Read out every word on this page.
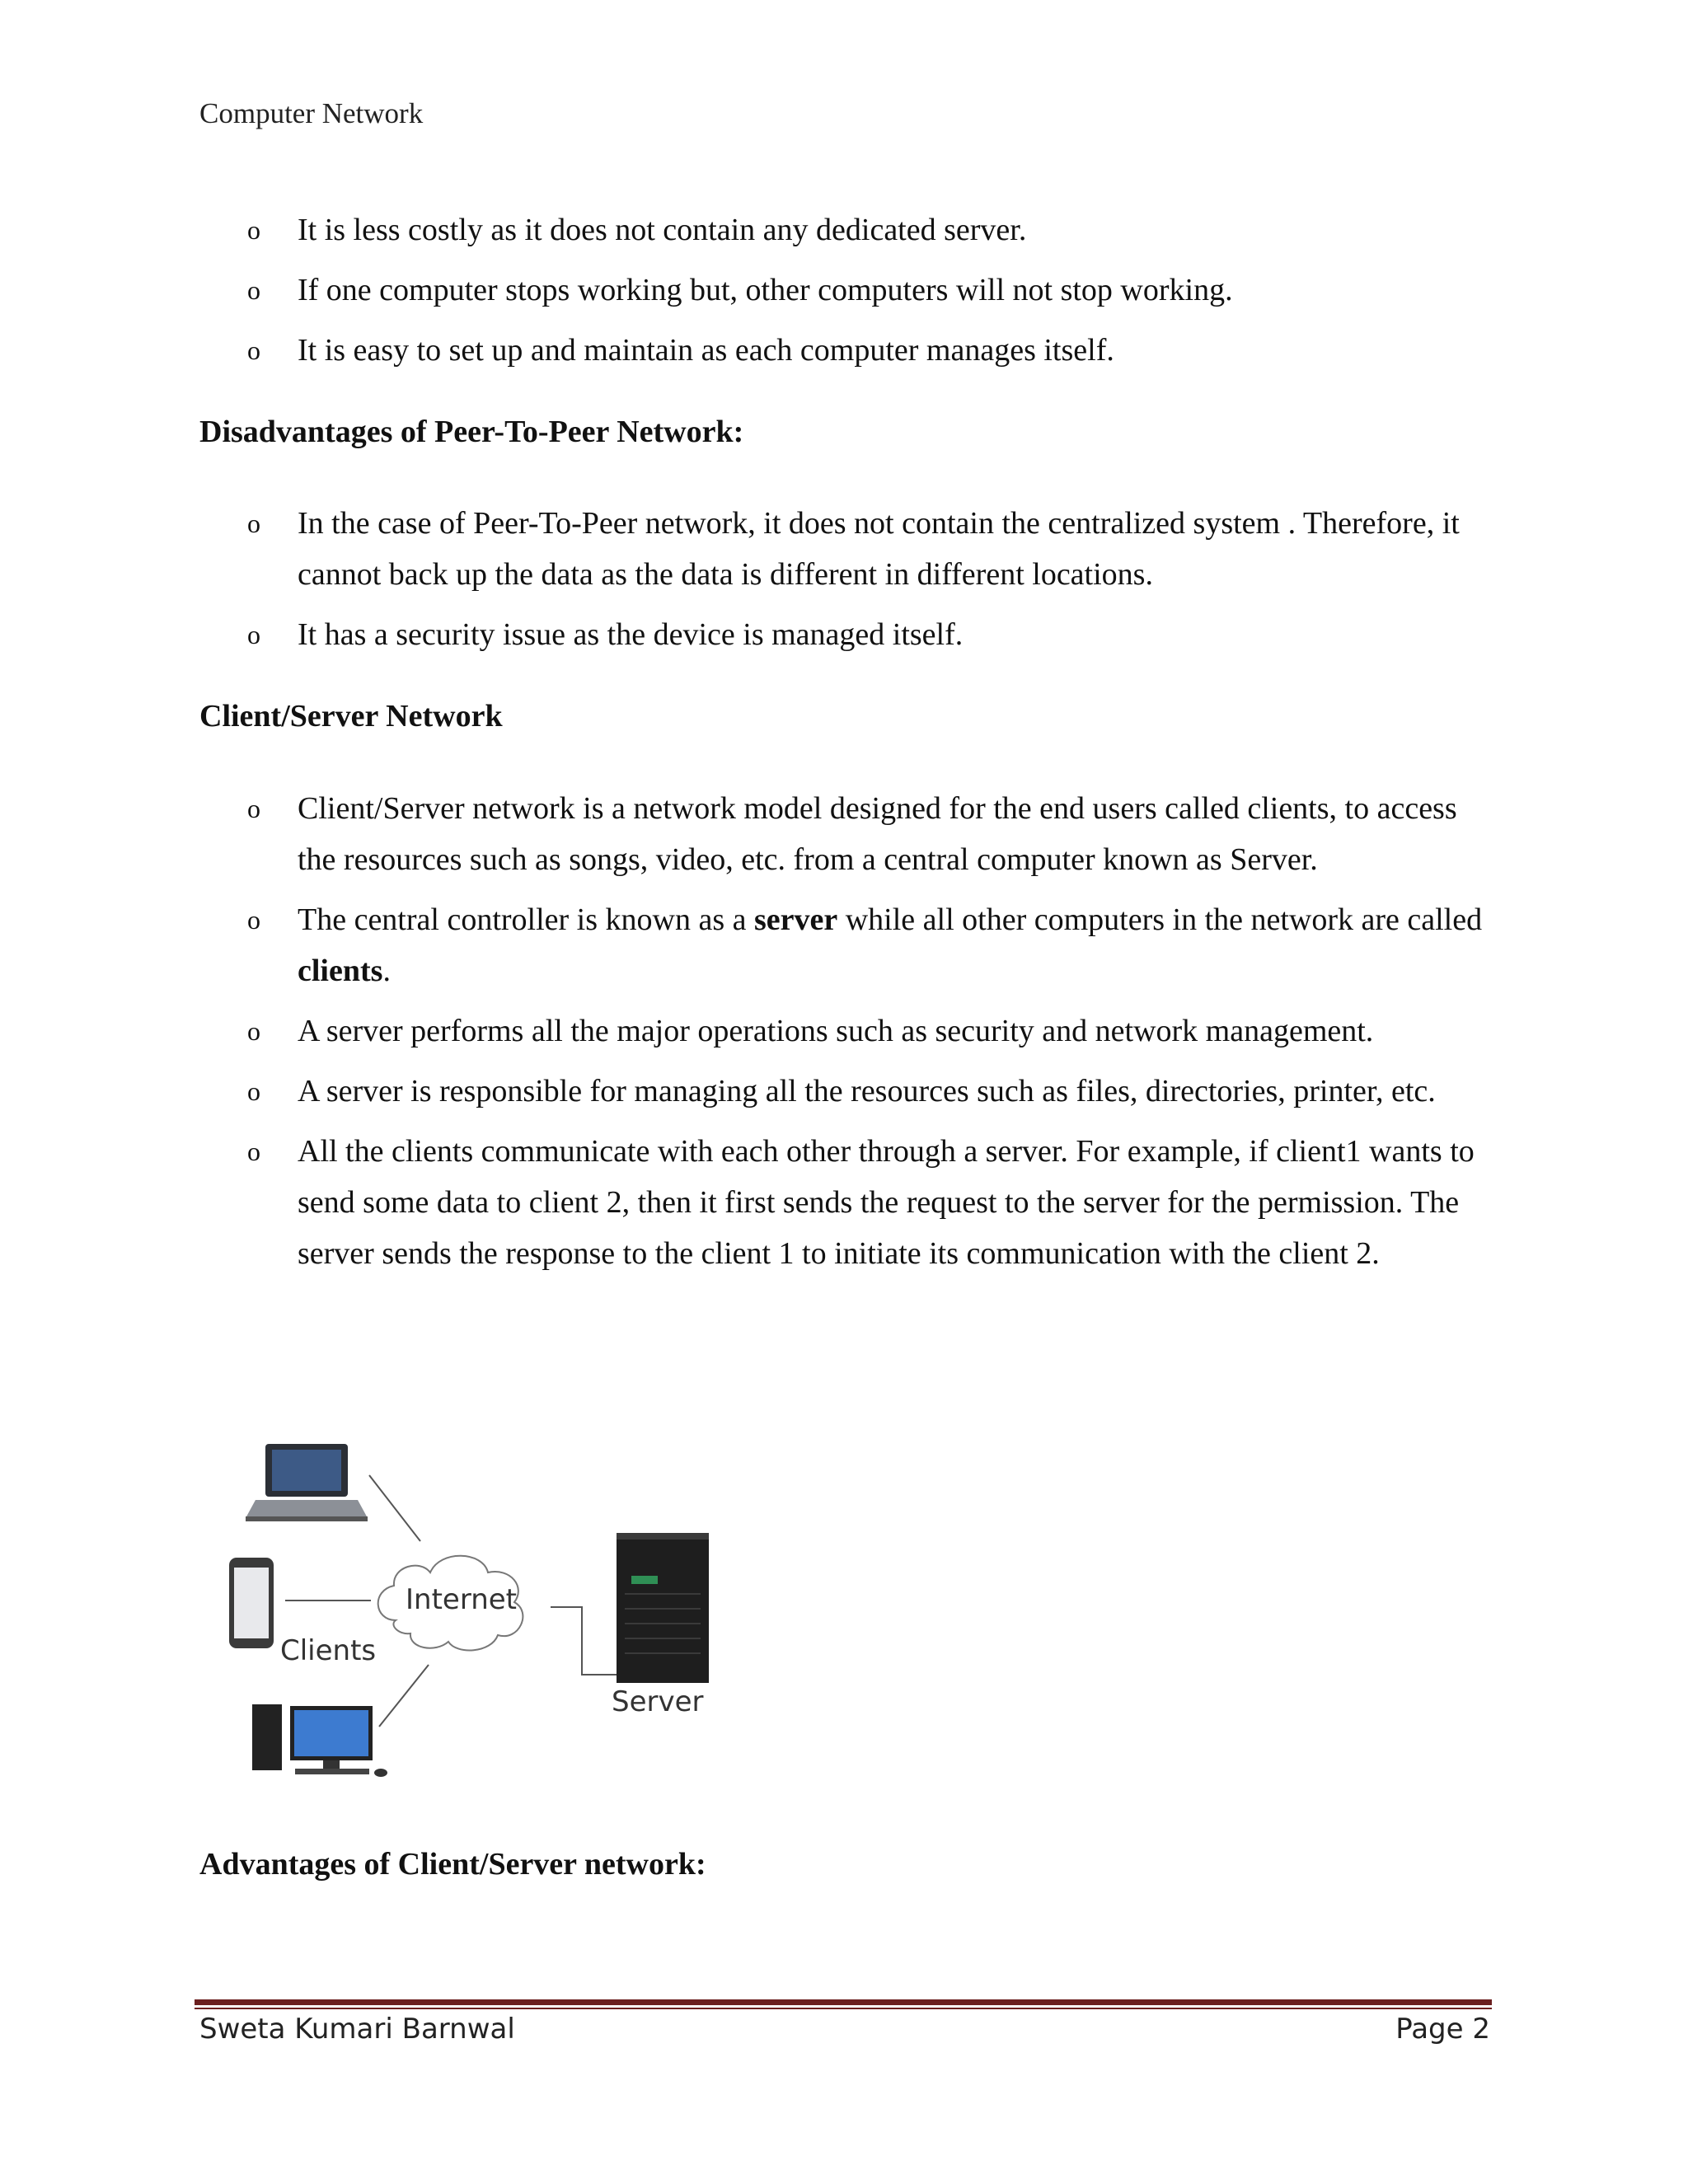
Computer Network
o It is less costly as it does not contain any dedicated server.
o If one computer stops working but, other computers will not stop working.
o It is easy to set up and maintain as each computer manages itself.
Disadvantages of Peer-To-Peer Network:
o In the case of Peer-To-Peer network, it does not contain the centralized system . Therefore, it cannot back up the data as the data is different in different locations.
o It has a security issue as the device is managed itself.
Client/Server Network
o Client/Server network is a network model designed for the end users called clients, to access the resources such as songs, video, etc. from a central computer known as Server.
o The central controller is known as a server while all other computers in the network are called clients.
o A server performs all the major operations such as security and network management.
o A server is responsible for managing all the resources such as files, directories, printer, etc.
o All the clients communicate with each other through a server. For example, if client1 wants to send some data to client 2, then it first sends the request to the server for the permission. The server sends the response to the client 1 to initiate its communication with the client 2.
Internet
Clients
Server
Advantages of Client/Server network:
Sweta Kumari Barnwal	Page 2
